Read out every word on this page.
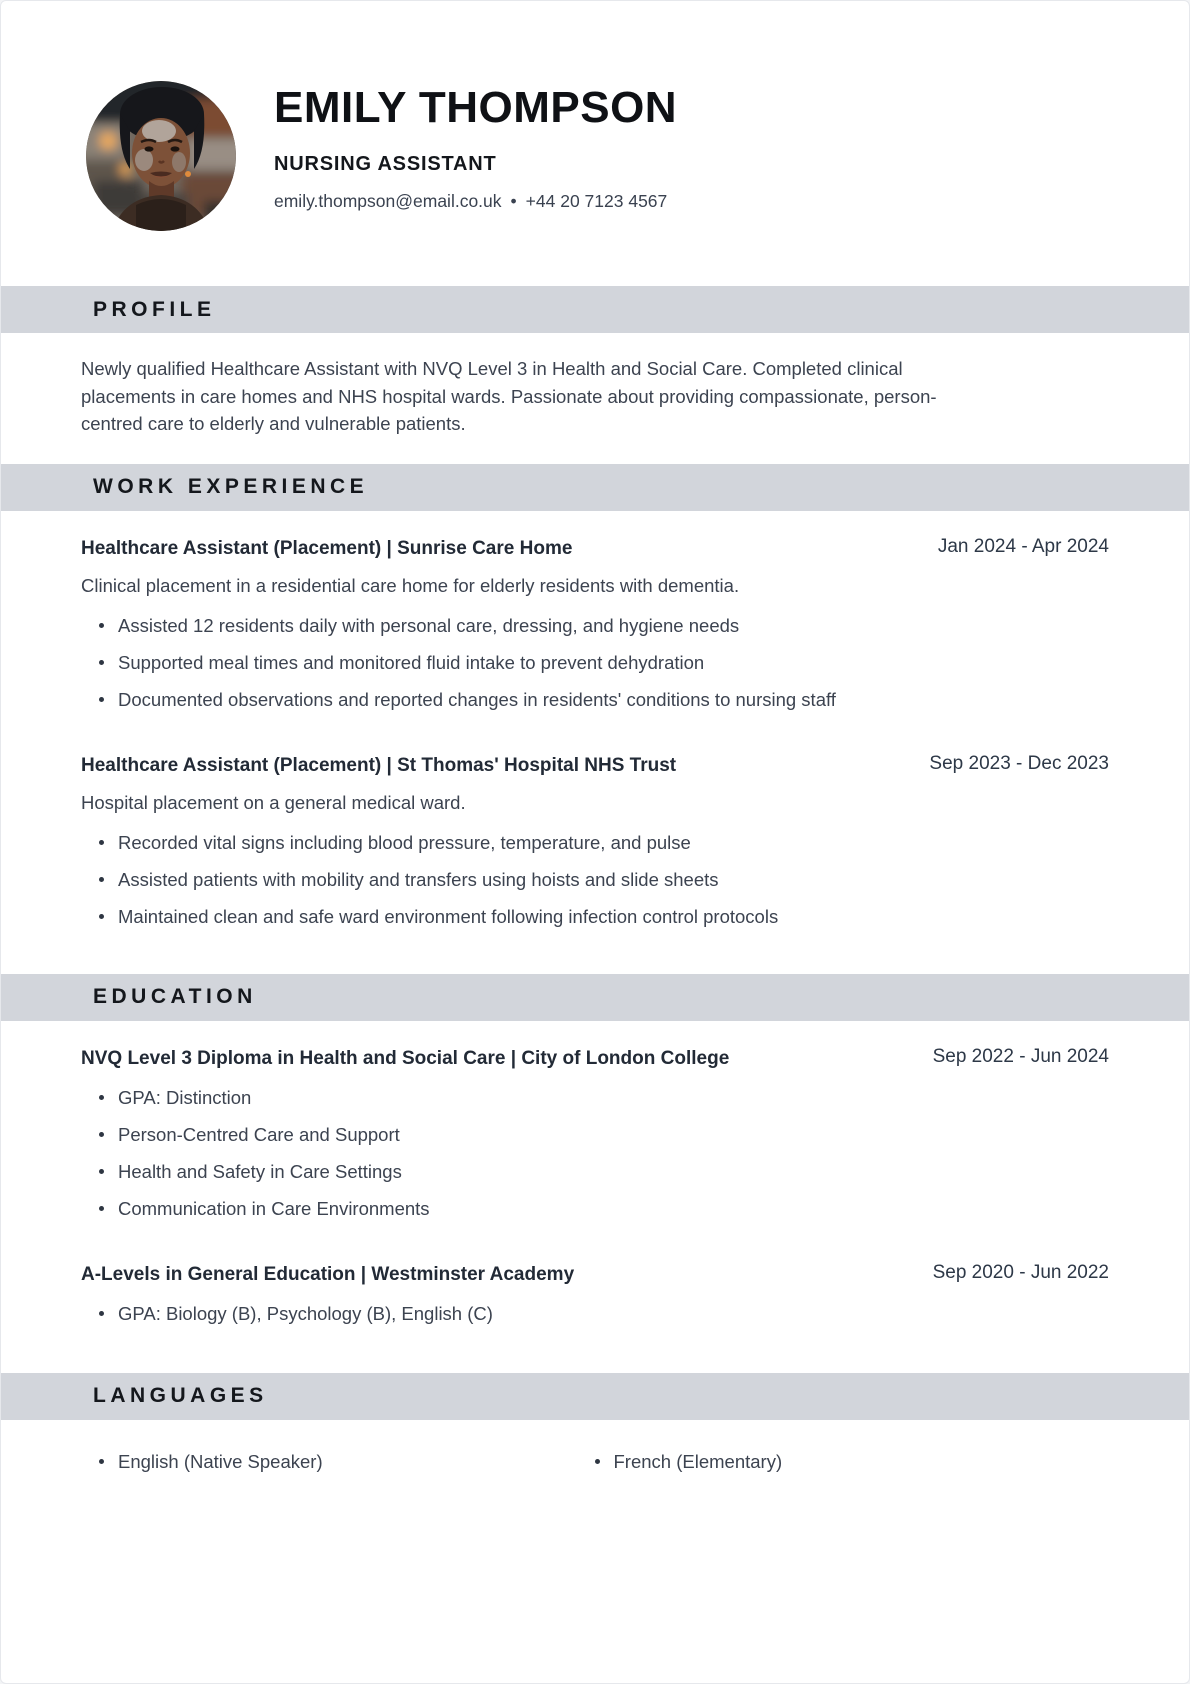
EMILY THOMPSON
NURSING ASSISTANT
emily.thompson@email.co.uk • +44 20 7123 4567
PROFILE

Newly qualified Healthcare Assistant with NVQ Level 3 in Health and Social Care. Completed clinical placements in care homes and NHS hospital wards. Passionate about providing compassionate, person-centred care to elderly and vulnerable patients.

WORK EXPERIENCE
Healthcare Assistant (Placement) | Sunrise Care Home	Jan 2024 - Apr 2024
Clinical placement in a residential care home for elderly residents with dementia.
Assisted 12 residents daily with personal care, dressing, and hygiene needs
Supported meal times and monitored fluid intake to prevent dehydration
Documented observations and reported changes in residents' conditions to nursing staff
Healthcare Assistant (Placement) | St Thomas' Hospital NHS Trust	Sep 2023 - Dec 2023
Hospital placement on a general medical ward.
Recorded vital signs including blood pressure, temperature, and pulse
Assisted patients with mobility and transfers using hoists and slide sheets
Maintained clean and safe ward environment following infection control protocols
EDUCATION
NVQ Level 3 Diploma in Health and Social Care | City of London College	Sep 2022 - Jun 2024
GPA: Distinction
Person-Centred Care and Support
Health and Safety in Care Settings
Communication in Care Environments
A-Levels in General Education | Westminster Academy	Sep 2020 - Jun 2022
GPA: Biology (B), Psychology (B), English (C)
LANGUAGES
English (Native Speaker)	French (Elementary)
